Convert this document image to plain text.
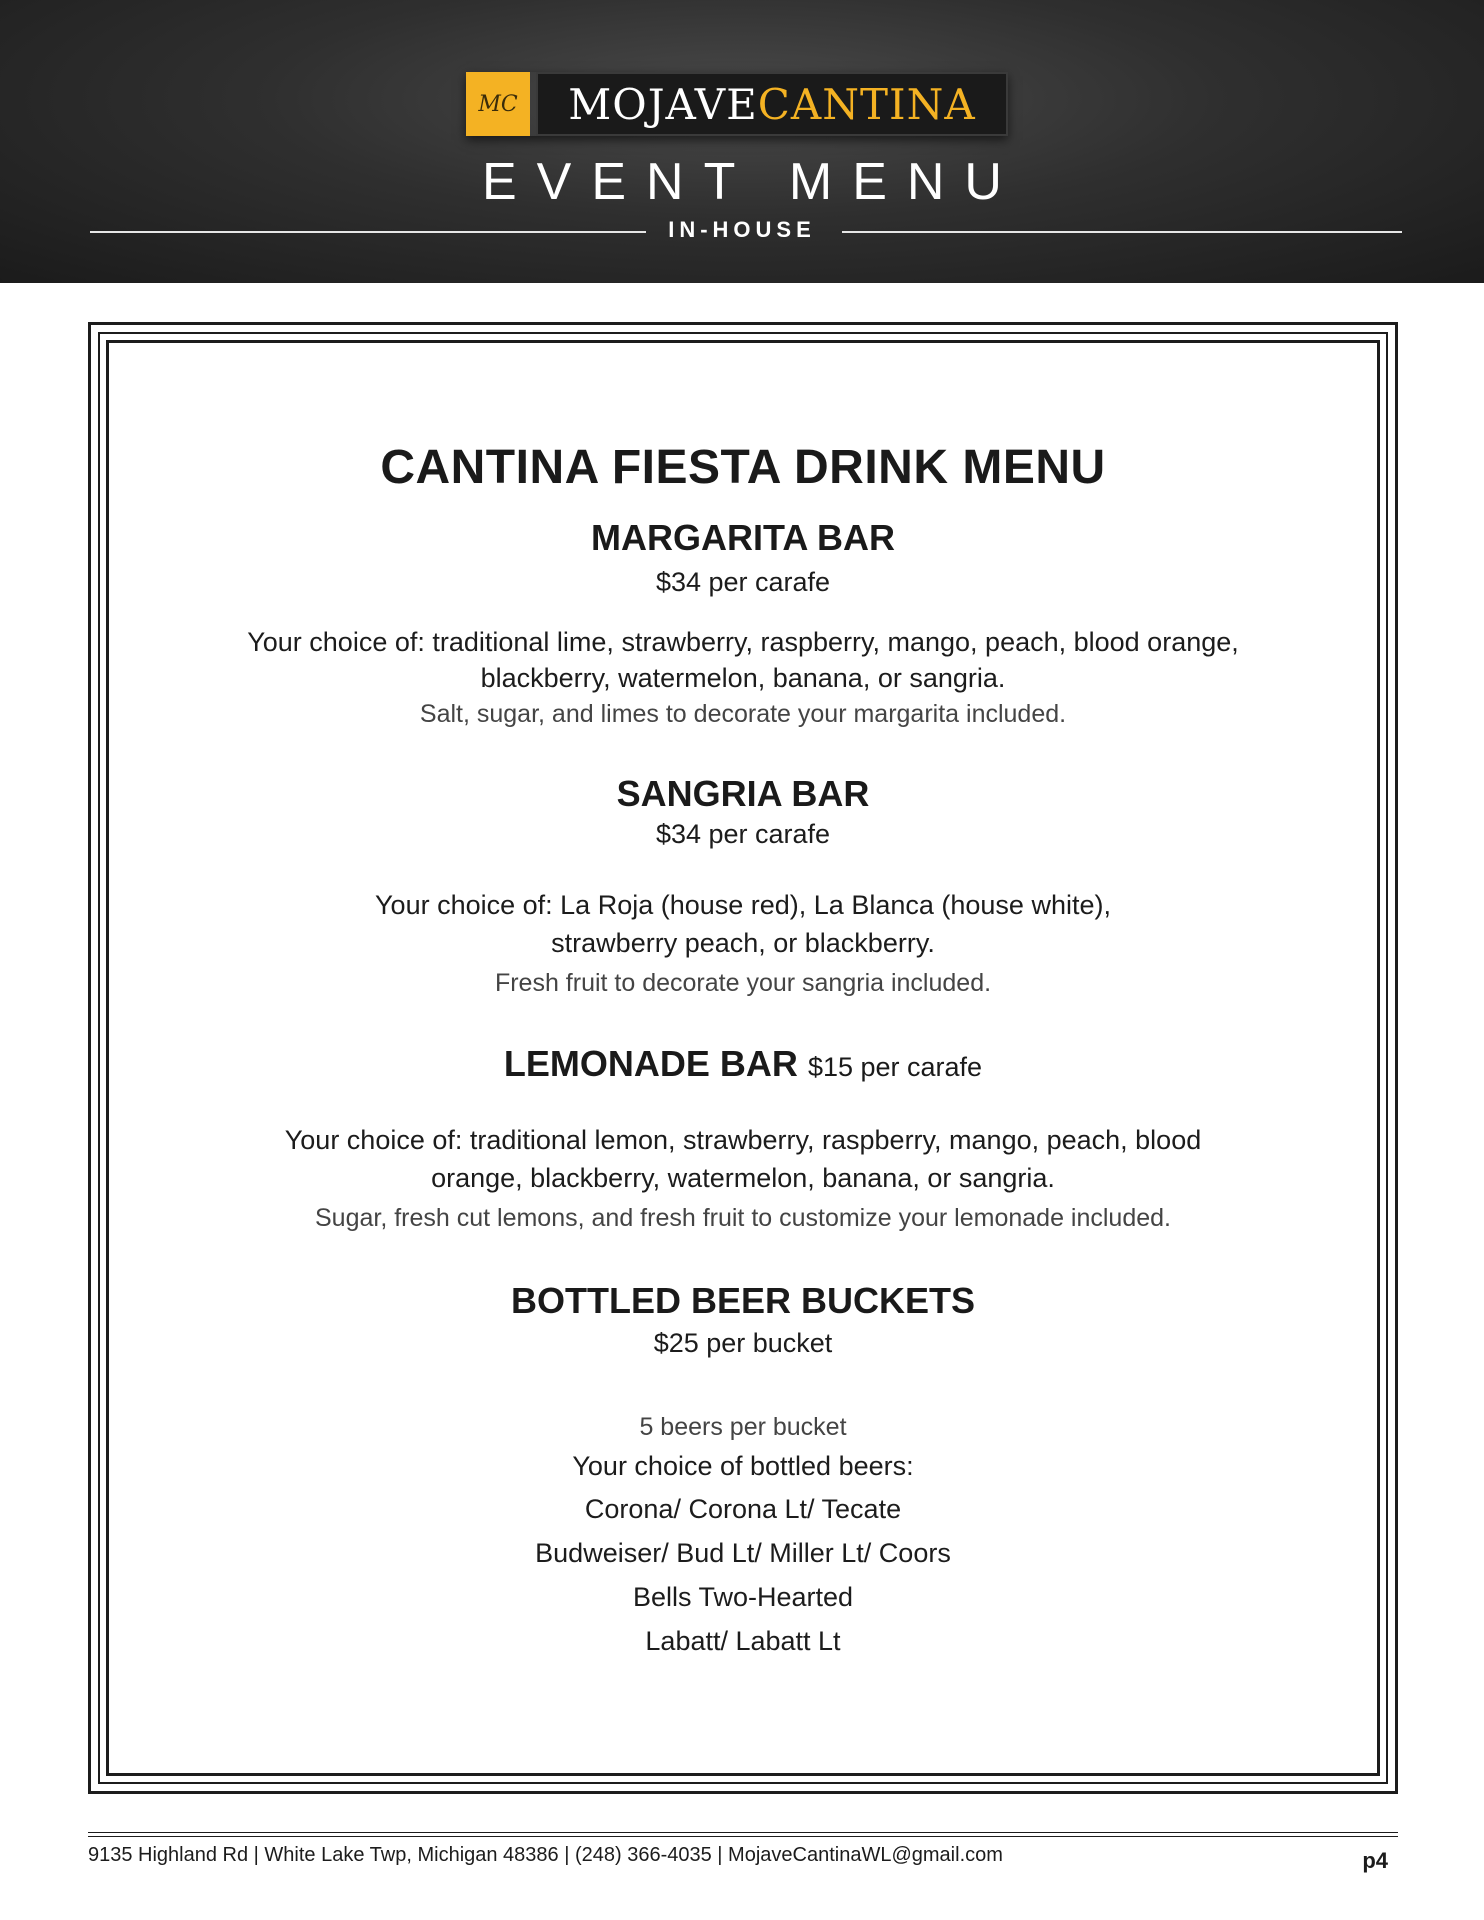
MC MOJAVE CANTINA
EVENT MENU
IN-HOUSE
CANTINA FIESTA DRINK MENU
MARGARITA BAR

$34 per carafe

Your choice of: traditional lime, strawberry, raspberry, mango, peach, blood orange,

blackberry, watermelon, banana, or sangria.

Salt, sugar, and limes to decorate your margarita included.

SANGRIA BAR

$34 per carafe

Your choice of: La Roja (house red), La Blanca (house white),

strawberry peach, or blackberry.

Fresh fruit to decorate your sangria included.

LEMONADE BAR $15 per carafe

Your choice of: traditional lemon, strawberry, raspberry, mango, peach, blood

orange, blackberry, watermelon, banana, or sangria.

Sugar, fresh cut lemons, and fresh fruit to customize your lemonade included.

BOTTLED BEER BUCKETS

$25 per bucket

5 beers per bucket

Your choice of bottled beers:

Corona/ Corona Lt/ Tecate

Budweiser/ Bud Lt/ Miller Lt/ Coors

Bells Two-Hearted

Labatt/ Labatt Lt

9135 Highland Rd | White Lake Twp, Michigan 48386 | (248) 366-4035 | MojaveCantinaWL@gmail.com	p4
